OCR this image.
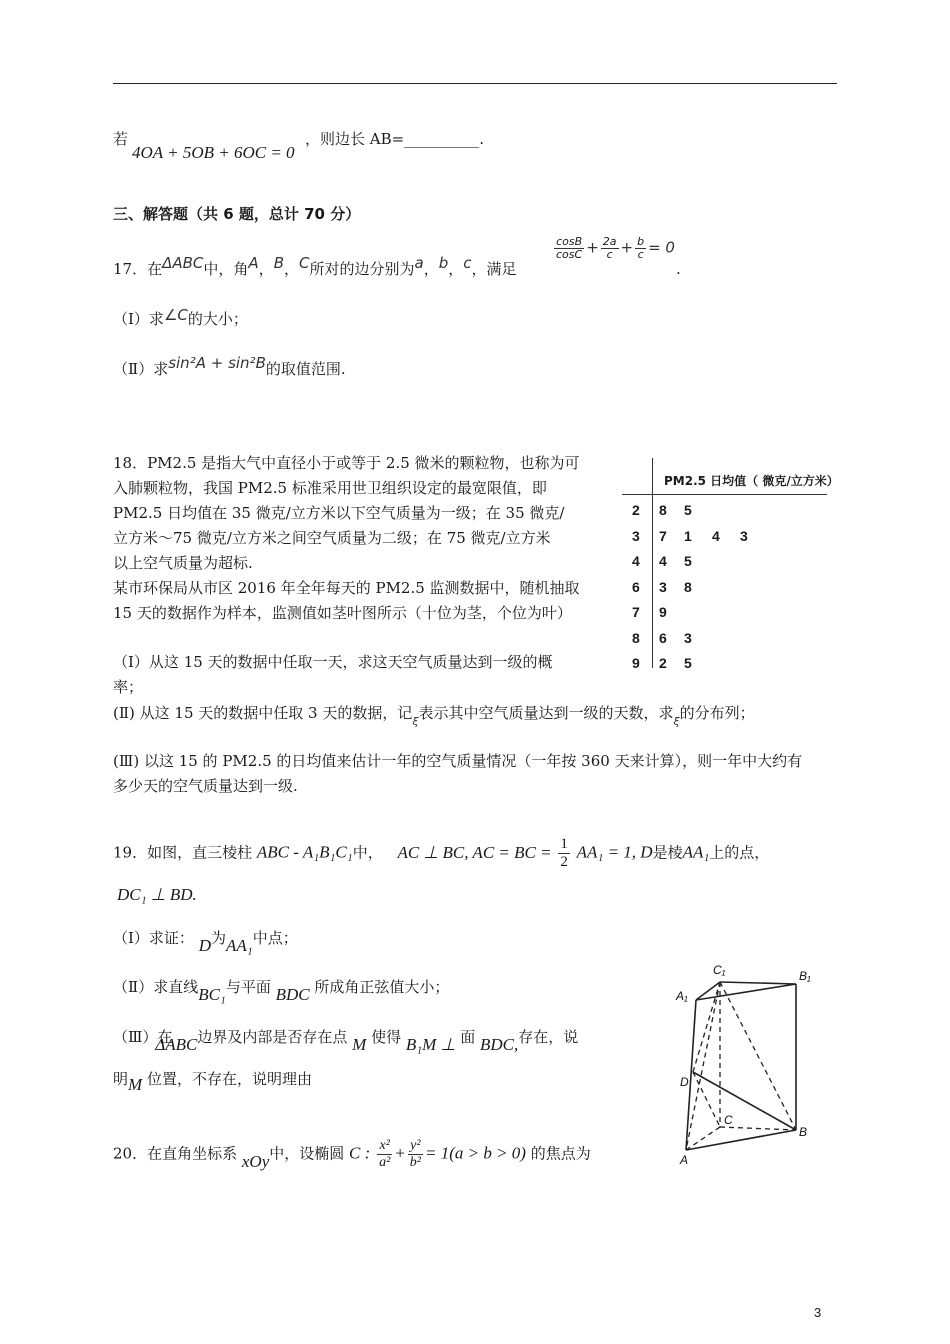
若
4OA + 5OB + 6OC = 0
，则边长 AB=__________.
三、解答题（共 6 题，总计 70 分）
17．在ΔABC中，角A，B，C所对的边分别为a，b，c，满足
$\frac{\cos B}{\cos C} + \frac{2a}{c} + \frac{b}{c} = 0$
.
（Ⅰ）求∠C的大小；
（Ⅱ）求sin²A + sin²B的取值范围.
18．PM2.5 是指大气中直径小于或等于 2.5 微米的颗粒物，也称为可
入肺颗粒物，我国 PM2.5 标准采用世卫组织设定的最宽限值，即
PM2.5 日均值在 35 微克/立方米以下空气质量为一级；在 35 微克/
立方米～75 微克/立方米之间空气质量为二级；在 75 微克/立方米
以上空气质量为超标.
某市环保局从市区 2016 年全年每天的 PM2.5 监测数据中，随机抽取
15 天的数据作为样本，监测值如茎叶图所示（十位为茎，个位为叶）
（Ⅰ）从这 15 天的数据中任取一天，求这天空气质量达到一级的概
率；
(Ⅱ) 从这 15 天的数据中任取 3 天的数据，记$_\xi$表示其中空气质量达到一级的天数，求$_\xi$的分布列；
(Ⅲ) 以这 15 的 PM2.5 的日均值来估计一年的空气质量情况（一年按 360 天来计算），则一年中大约有
多少天的空气质量达到一级.
PM2.5 日均值（ 微克/立方米）
2 8 5
3 7 1 4 3
4 4 5
6 3 8
7 9
8 6 3
9 2 5
19．如图，直三棱柱 ABC - A₁B₁C₁中， AC ⊥ BC, AC = BC = $\frac{1}{2} AA_1 = 1$, D是棱AA₁上的点，
DC₁ ⊥ BD.
（Ⅰ）求证： D为AA₁中点；
（Ⅱ）求直线BC₁与平面 BDC 所成角正弦值大小；
（Ⅲ）在 ΔABC边界及内部是否存在点 M 使得 B₁M ⊥ 面 BDC,存在，说
明M 位置，不存在，说明理由
C₁	B₁
A₁
D
C
B
A
20．在直角坐标系 xOy中，设椭圆 C : $\frac{\text{x²}}{\text{a²}} + \frac{\text{y²}}{\text{b²}} = 1(a > b > 0)$ 的焦点为
3
